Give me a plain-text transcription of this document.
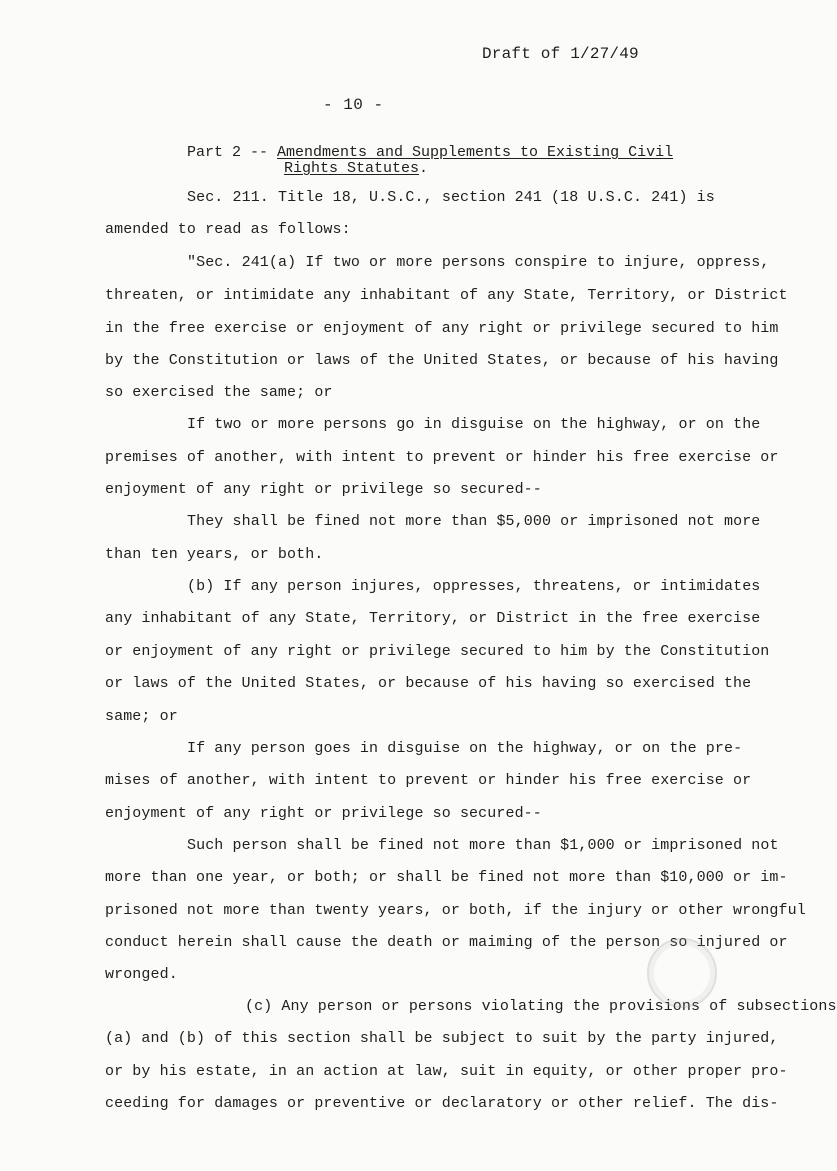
Draft of 1/27/49
- 10 -
Part 2 -- Amendments and Supplements to Existing Civil
Rights Statutes.
Sec. 211. Title 18, U.S.C., section 241 (18 U.S.C. 241) is
amended to read as follows:
"Sec. 241(a) If two or more persons conspire to injure, oppress,
threaten, or intimidate any inhabitant of any State, Territory, or District
in the free exercise or enjoyment of any right or privilege secured to him
by the Constitution or laws of the United States, or because of his having
so exercised the same; or
If two or more persons go in disguise on the highway, or on the
premises of another, with intent to prevent or hinder his free exercise or
enjoyment of any right or privilege so secured--
They shall be fined not more than $5,000 or imprisoned not more
than ten years, or both.
(b) If any person injures, oppresses, threatens, or intimidates
any inhabitant of any State, Territory, or District in the free exercise
or enjoyment of any right or privilege secured to him by the Constitution
or laws of the United States, or because of his having so exercised the
same; or
If any person goes in disguise on the highway, or on the pre-
mises of another, with intent to prevent or hinder his free exercise or
enjoyment of any right or privilege so secured--
Such person shall be fined not more than $1,000 or imprisoned not
more than one year, or both; or shall be fined not more than $10,000 or im-
prisoned not more than twenty years, or both, if the injury or other wrongful
conduct herein shall cause the death or maiming of the person so injured or
wronged.
(c) Any person or persons violating the provisions of subsections
(a) and (b) of this section shall be subject to suit by the party injured,
or by his estate, in an action at law, suit in equity, or other proper pro-
ceeding for damages or preventive or declaratory or other relief. The dis-
